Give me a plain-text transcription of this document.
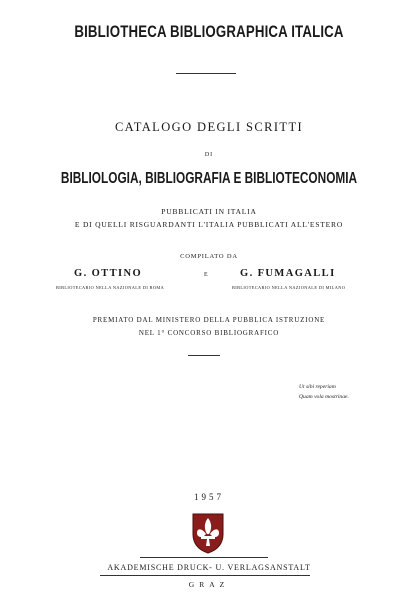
BIBLIOTHECA BIBLIOGRAPHICA ITALICA
CATALOGO DEGLI SCRITTI
DI
BIBLIOLOGIA, BIBLIOGRAFIA E BIBLIOTECONOMIA
PUBBLICATI IN ITALIA
E DI QUELLI RISGUARDANTI L'ITALIA PUBBLICATI ALL'ESTERO
COMPILATO DA
G. OTTINO	E	G. FUMAGALLI
BIBLIOTECARIO NELLA NAZIONALE DI ROMA	BIBLIOTECARIO NELLA NAZIONALE DI MILANO
PREMIATO DAL MINISTERO DELLA PUBBLICA ISTRUZIONE
NEL 1° CONCORSO BIBLIOGRAFICO
Ut sibi reperiam
Quam vola mostrinae.
1957
AKADEMISCHE DRUCK- U. VERLAGSANSTALT
GRAZ
